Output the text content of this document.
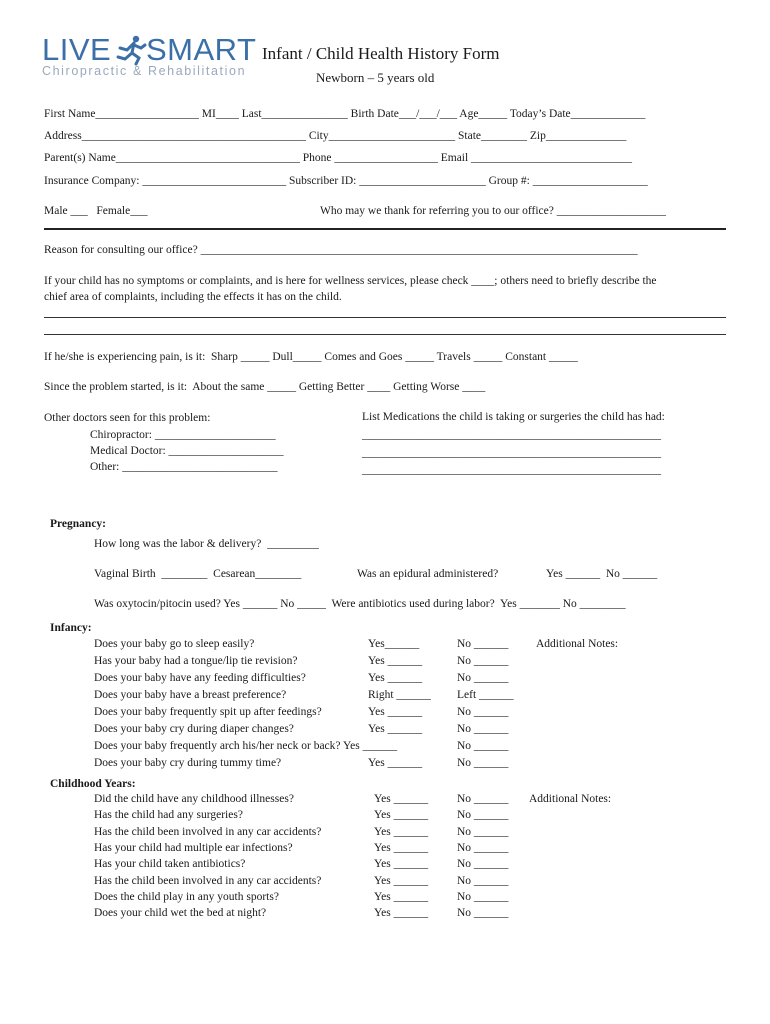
LIVE SMART
Chiropractic & Rehabilitation
Infant / Child Health History Form
Newborn – 5 years old
First Name__________________ MI____ Last_______________ Birth Date___/___/___ Age_____ Today’s Date_____________
Address_______________________________________ City______________________ State________ Zip______________
Parent(s) Name________________________________ Phone __________________ Email ____________________________
Insurance Company: _________________________ Subscriber ID: ______________________ Group #: ____________________
Male ___   Female___	Who may we thank for referring you to our office? ___________________
Reason for consulting our office? ____________________________________________________________________________
If your child has no symptoms or complaints, and is here for wellness services, please check ____; others need to briefly describe the
chief area of complaints, including the effects it has on the child.
If he/she is experiencing pain, is it:  Sharp _____ Dull_____ Comes and Goes _____ Travels _____ Constant _____
Since the problem started, is it:  About the same _____ Getting Better ____ Getting Worse ____
Other doctors seen for this problem:
Chiropractor: _____________________
Medical Doctor: ____________________
Other: ___________________________
List Medications the child is taking or surgeries the child has had:
____________________________________________________
____________________________________________________
____________________________________________________
Pregnancy:
How long was the labor & delivery?  _________
Vaginal Birth  ________  Cesarean________	Was an epidural administered?	Yes ______  No ______
Was oxytocin/pitocin used? Yes ______ No _____  Were antibiotics used during labor?  Yes _______ No ________
Infancy:
Additional Notes:
Does your baby go to sleep easily?	Yes______	No ______
Has your baby had a tongue/lip tie revision?	Yes ______	No ______
Does your baby have any feeding difficulties?	Yes ______	No ______
Does your baby have a breast preference?	Right ______ Left ______
Does your baby frequently spit up after feedings?	Yes ______	No ______
Does your baby cry during diaper changes?	Yes ______	No ______
Does your baby frequently arch his/her neck or back? Yes ______	No ______
Does your baby cry during tummy time?	Yes ______	No ______
Childhood Years:
Additional Notes:
Did the child have any childhood illnesses?	Yes ______	No ______
Has the child had any surgeries?	Yes ______	No ______
Has the child been involved in any car accidents?	Yes ______	No ______
Has your child had multiple ear infections?	Yes ______	No ______
Has your child taken antibiotics?	Yes ______	No ______
Has the child been involved in any car accidents?	Yes ______	No ______
Does the child play in any youth sports?	Yes ______	No ______
Does your child wet the bed at night?	Yes ______	No ______
